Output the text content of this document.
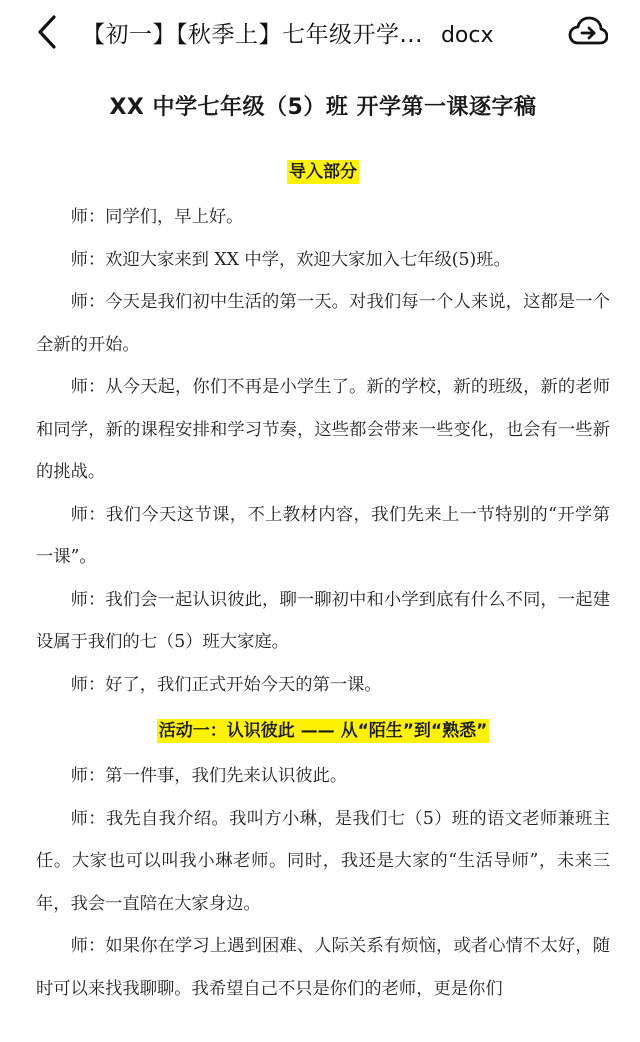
【初一】【秋季上】七年级开学... docx
XX 中学七年级（5）班 开学第一课逐字稿
导入部分

师：同学们，早上好。

师：欢迎大家来到 XX 中学，欢迎大家加入七年级(5)班。

师：今天是我们初中生活的第一天。对我们每一个人来说，这都是一个全新的开始。

师：从今天起，你们不再是小学生了。新的学校，新的班级，新的老师和同学，新的课程安排和学习节奏，这些都会带来一些变化，也会有一些新的挑战。

师：我们今天这节课，不上教材内容，我们先来上一节特别的“开学第一课”。

师：我们会一起认识彼此，聊一聊初中和小学到底有什么不同，一起建设属于我们的七（5）班大家庭。

师：好了，我们正式开始今天的第一课。

活动一：认识彼此 —— 从“陌生”到“熟悉”

师：第一件事，我们先来认识彼此。

师：我先自我介绍。我叫方小琳，是我们七（5）班的语文老师兼班主任。大家也可以叫我小琳老师。同时，我还是大家的“生活导师”，未来三年，我会一直陪在大家身边。

师：如果你在学习上遇到困难、人际关系有烦恼，或者心情不太好，随时可以来找我聊聊。我希望自己不只是你们的老师，更是你们
